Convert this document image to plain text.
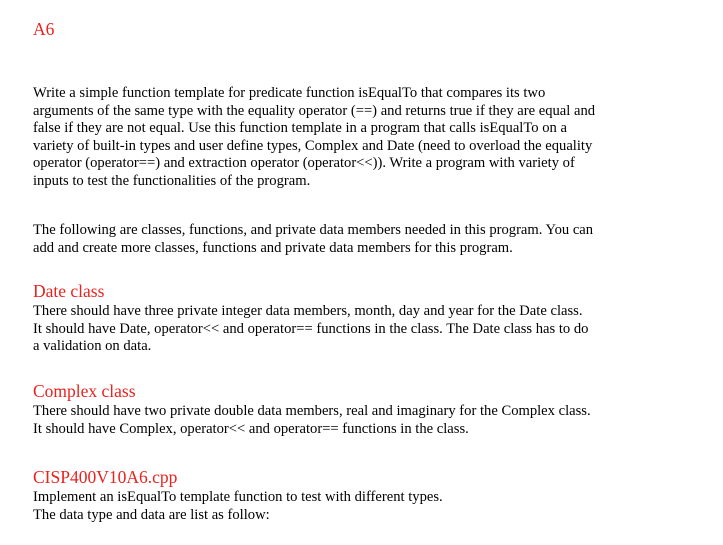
A6

Write a simple function template for predicate function isEqualTo that compares its two
arguments of the same type with the equality operator (==) and returns true if they are equal and
false if they are not equal. Use this function template in a program that calls isEqualTo on a
variety of built-in types and user define types, Complex and Date (need to overload the equality
operator (operator==) and extraction operator (operator<<)). Write a program with variety of
inputs to test the functionalities of the program.

The following are classes, functions, and private data members needed in this program. You can
add and create more classes, functions and private data members for this program.

Date class

There should have three private integer data members, month, day and year for the Date class.
It should have Date, operator<< and operator== functions in the class. The Date class has to do
a validation on data.

Complex class

There should have two private double data members, real and imaginary for the Complex class.
It should have Complex, operator<< and operator== functions in the class.

CISP400V10A6.cpp

Implement an isEqualTo template function to test with different types.
The data type and data are list as follow:
